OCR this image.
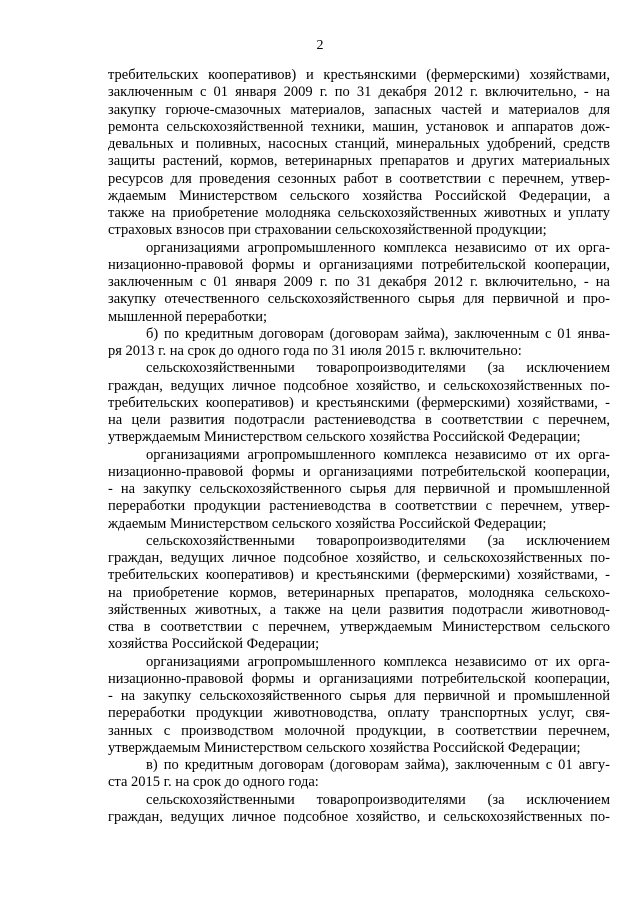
2
требительских кооперативов) и крестьянскими (фермерскими) хозяйствами,
заключенным с 01 января 2009 г. по 31 декабря 2012 г. включительно, - на
закупку горюче-смазочных материалов, запасных частей и материалов для
ремонта сельскохозяйственной техники, машин, установок и аппаратов дож-
девальных и поливных, насосных станций, минеральных удобрений, средств
защиты растений, кормов, ветеринарных препаратов и других материальных
ресурсов для проведения сезонных работ в соответствии с перечнем, утвер-
ждаемым Министерством сельского хозяйства Российской Федерации, а
также на приобретение молодняка сельскохозяйственных животных и уплату
страховых взносов при страховании сельскохозяйственной продукции;
организациями агропромышленного комплекса независимо от их орга-
низационно-правовой формы и организациями потребительской кооперации,
заключенным с 01 января 2009 г. по 31 декабря 2012 г. включительно, - на
закупку отечественного сельскохозяйственного сырья для первичной и про-
мышленной переработки;
б) по кредитным договорам (договорам займа), заключенным с 01 янва-
ря 2013 г. на срок до одного года по 31 июля 2015 г. включительно:
сельскохозяйственными товаропроизводителями (за исключением
граждан, ведущих личное подсобное хозяйство, и сельскохозяйственных по-
требительских кооперативов) и крестьянскими (фермерскими) хозяйствами, -
на цели развития подотрасли растениеводства в соответствии с перечнем,
утверждаемым Министерством сельского хозяйства Российской Федерации;
организациями агропромышленного комплекса независимо от их орга-
низационно-правовой формы и организациями потребительской кооперации,
- на закупку сельскохозяйственного сырья для первичной и промышленной
переработки продукции растениеводства в соответствии с перечнем, утвер-
ждаемым Министерством сельского хозяйства Российской Федерации;
сельскохозяйственными товаропроизводителями (за исключением
граждан, ведущих личное подсобное хозяйство, и сельскохозяйственных по-
требительских кооперативов) и крестьянскими (фермерскими) хозяйствами, -
на приобретение кормов, ветеринарных препаратов, молодняка сельскохо-
зяйственных животных, а также на цели развития подотрасли животновод-
ства в соответствии с перечнем, утверждаемым Министерством сельского
хозяйства Российской Федерации;
организациями агропромышленного комплекса независимо от их орга-
низационно-правовой формы и организациями потребительской кооперации,
- на закупку сельскохозяйственного сырья для первичной и промышленной
переработки продукции животноводства, оплату транспортных услуг, свя-
занных с производством молочной продукции, в соответствии перечнем,
утверждаемым Министерством сельского хозяйства Российской Федерации;
в) по кредитным договорам (договорам займа), заключенным с 01 авгу-
ста 2015 г. на срок до одного года:
сельскохозяйственными товаропроизводителями (за исключением
граждан, ведущих личное подсобное хозяйство, и сельскохозяйственных по-
